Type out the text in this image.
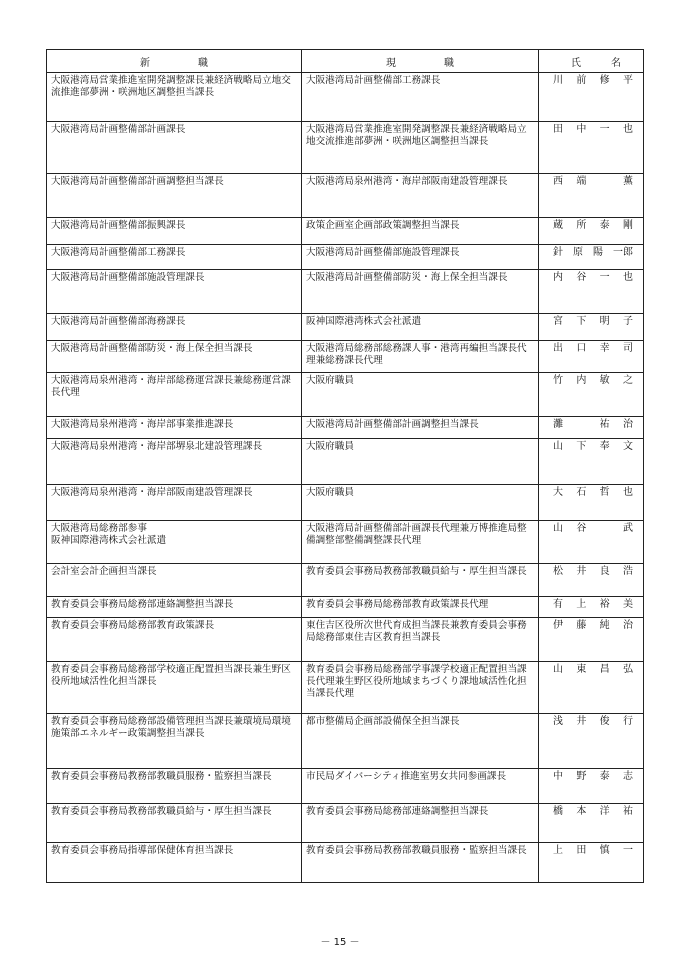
新 職	現 職	氏 名

大阪港湾局営業推進室開発調整課長兼経済戦略局立地交流推進部夢洲・咲洲地区調整担当課長	大阪港湾局計画整備部工務課長	川 前 修 平

大阪港湾局計画整備部計画課長	大阪港湾局営業推進室開発調整課長兼経済戦略局立地交流推進部夢洲・咲洲地区調整担当課長	田 中 一 也

大阪港湾局計画整備部計画調整担当課長	大阪港湾局泉州港湾・海岸部阪南建設管理課長	西 端 薫

大阪港湾局計画整備部振興課長	政策企画室企画部政策調整担当課長	蔵 所 泰 剛

大阪港湾局計画整備部工務課長	大阪港湾局計画整備部施設管理課長	針 原 陽 一郎

大阪港湾局計画整備部施設管理課長	大阪港湾局計画整備部防災・海上保全担当課長	内 谷 一 也

大阪港湾局計画整備部海務課長	阪神国際港湾株式会社派遣	宮 下 明 子

大阪港湾局計画整備部防災・海上保全担当課長	大阪港湾局総務部総務課人事・港湾再編担当課長代理兼総務課長代理	出 口 幸 司

大阪港湾局泉州港湾・海岸部総務運営課長兼総務運営課長代理	大阪府職員	竹 内 敏 之

大阪港湾局泉州港湾・海岸部事業推進課長	大阪港湾局計画整備部計画調整担当課長	灘 祐 治

大阪港湾局泉州港湾・海岸部堺泉北建設管理課長	大阪府職員	山 下 奉 文

大阪港湾局泉州港湾・海岸部阪南建設管理課長	大阪府職員	大 石 哲 也

大阪港湾局総務部参事
阪神国際港湾株式会社派遣	大阪港湾局計画整備部計画課長代理兼万博推進局整備調整部整備調整課長代理	山 谷 武

会計室会計企画担当課長	教育委員会事務局教務部教職員給与・厚生担当課長	松 井 良 浩

教育委員会事務局総務部連絡調整担当課長	教育委員会事務局総務部教育政策課長代理	有 上 裕 美

教育委員会事務局総務部教育政策課長	東住吉区役所次世代育成担当課長兼教育委員会事務局総務部東住吉区教育担当課長	伊 藤 純 治

教育委員会事務局総務部学校適正配置担当課長兼生野区役所地域活性化担当課長	教育委員会事務局総務部学事課学校適正配置担当課長代理兼生野区役所地域まちづくり課地域活性化担当課長代理	山 東 昌 弘

教育委員会事務局総務部設備管理担当課長兼環境局環境施策部エネルギー政策調整担当課長	都市整備局企画部設備保全担当課長	浅 井 俊 行

教育委員会事務局教務部教職員服務・監察担当課長	市民局ダイバーシティ推進室男女共同参画課長	中 野 泰 志

教育委員会事務局教務部教職員給与・厚生担当課長	教育委員会事務局総務部連絡調整担当課長	橋 本 洋 祐

教育委員会事務局指導部保健体育担当課長	教育委員会事務局教務部教職員服務・監察担当課長	上 田 慎 一
－ 15 －
